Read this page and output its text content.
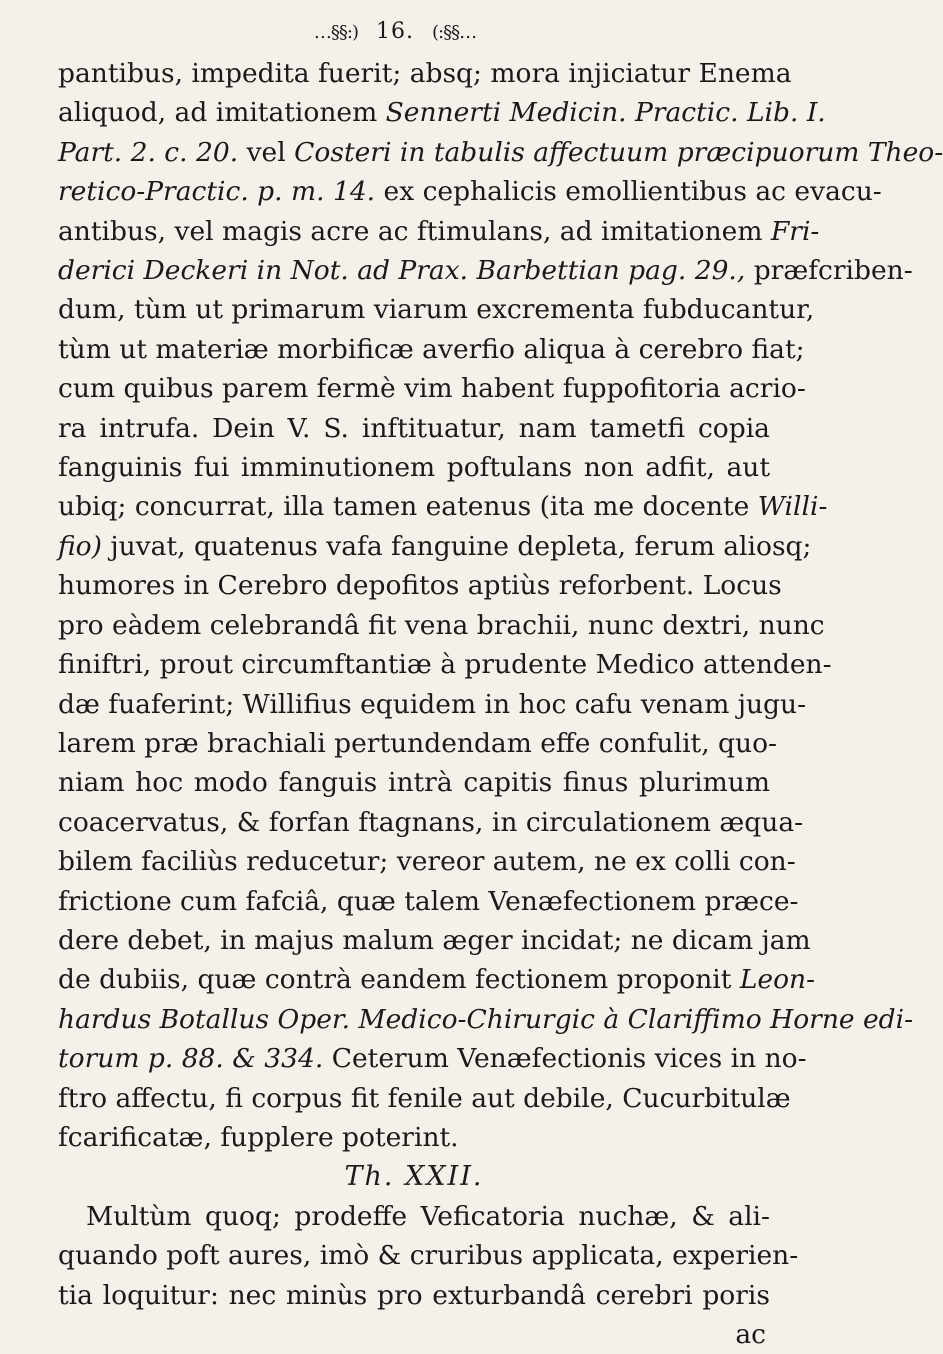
…§§:) 16. (:§§…
pantibus, impedita fuerit; absq; mora injiciatur Enema
aliquod, ad imitationem Sennerti Medicin. Practic. Lib. I.
Part. 2. c. 20. vel Costeri in tabulis affectuum præcipuorum Theo-
retico-Practic. p. m. 14. ex cephalicis emollientibus ac evacu-
antibus, vel magis acre ac ftimulans, ad imitationem Fri-
derici Deckeri in Not. ad Prax. Barbettian pag. 29., præfcriben-
dum, tùm ut primarum viarum excrementa fubducantur,
tùm ut materiæ morbificæ averfio aliqua à cerebro fiat;
cum quibus parem fermè vim habent fuppofitoria acrio-
ra intrufa. Dein V. S. inftituatur, nam tametfi copia
fanguinis fui imminutionem poftulans non adfit, aut
ubiq; concurrat, illa tamen eatenus (ita me docente Willi-
fio) juvat, quatenus vafa fanguine depleta, ferum aliosq;
humores in Cerebro depofitos aptiùs reforbent. Locus
pro eàdem celebrandâ fit vena brachii, nunc dextri, nunc
finiftri, prout circumftantiæ à prudente Medico attenden-
dæ fuaferint; Willifius equidem in hoc cafu venam jugu-
larem præ brachiali pertundendam effe confulit, quo-
niam hoc modo fanguis intrà capitis finus plurimum
coacervatus, & forfan ftagnans, in circulationem æqua-
bilem faciliùs reducetur; vereor autem, ne ex colli con-
frictione cum fafciâ, quæ talem Venæfectionem præce-
dere debet, in majus malum æger incidat; ne dicam jam
de dubiis, quæ contrà eandem fectionem proponit Leon-
hardus Botallus Oper. Medico-Chirurgic à Clariffimo Horne edi-
torum p. 88. & 334. Ceterum Venæfectionis vices in no-
ftro affectu, fi corpus fit fenile aut debile, Cucurbitulæ
fcarificatæ, fupplere poterint.
Th. XXII.
Multùm quoq; prodeffe Veficatoria nuchæ, & ali-
quando poft aures, imò & cruribus applicata, experien-
tia loquitur: nec minùs pro exturbandâ cerebri poris
ac
